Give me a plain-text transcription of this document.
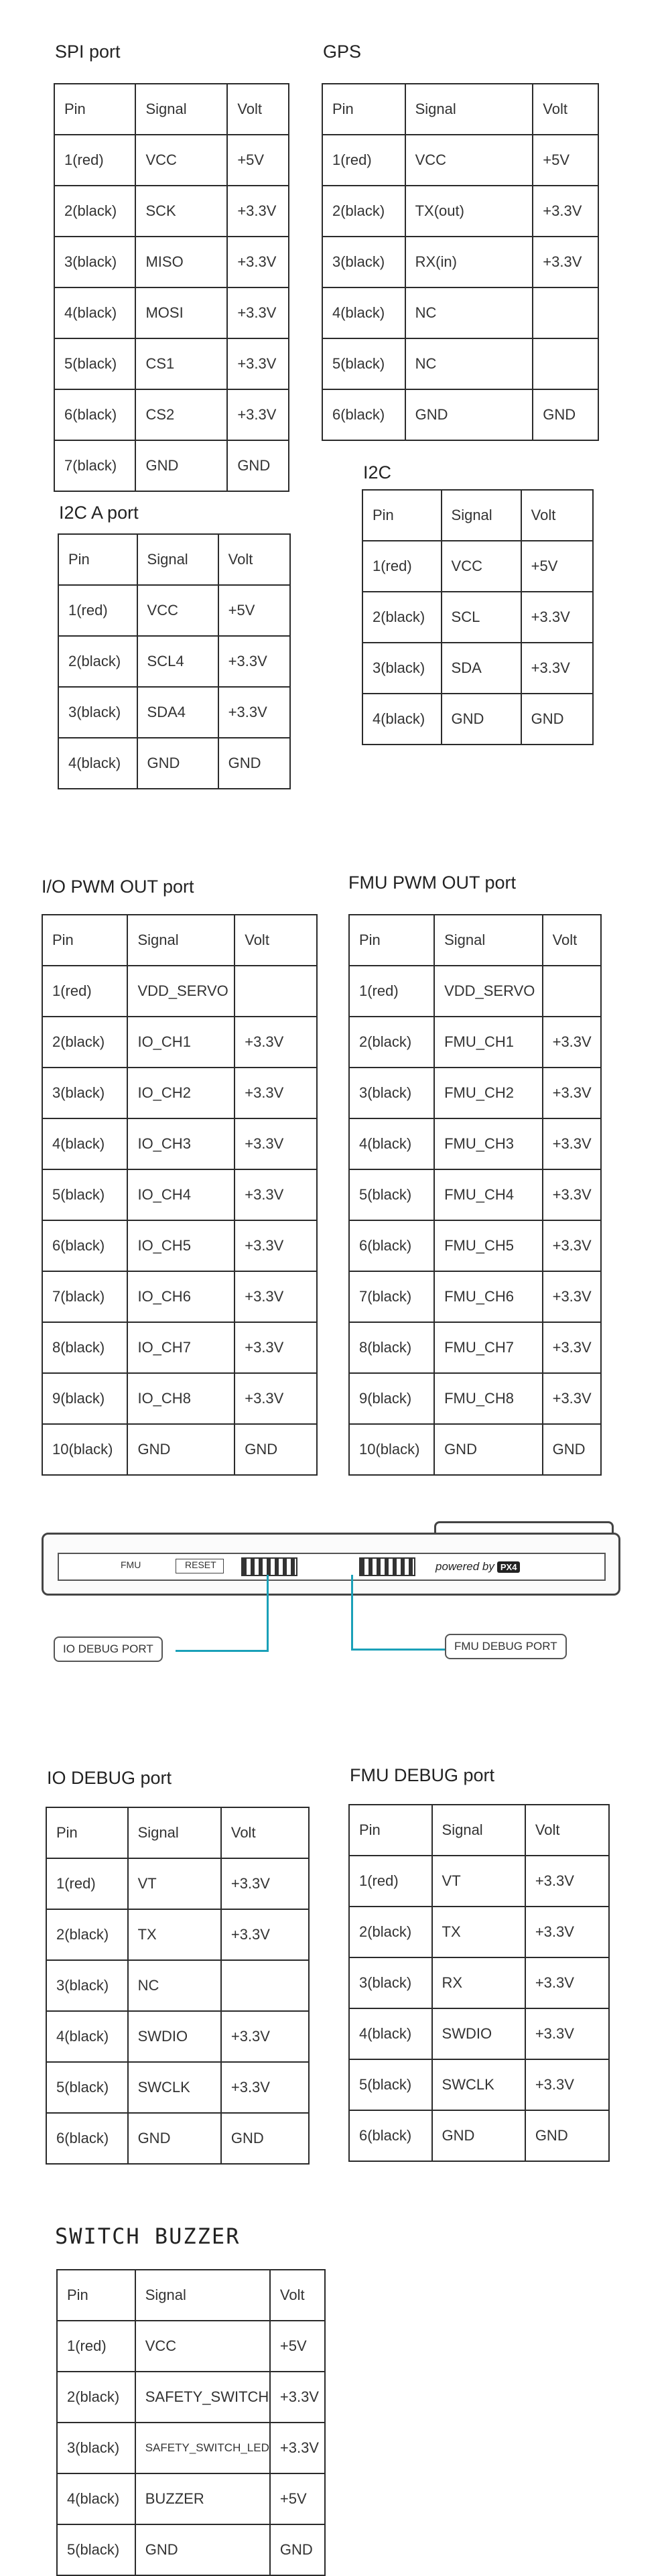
SPI port
Pin	Signal	Volt
1(red)	VCC	+5V
2(black)	SCK	+3.3V
3(black)	MISO	+3.3V
4(black)	MOSI	+3.3V
5(black)	CS1	+3.3V
6(black)	CS2	+3.3V
7(black)	GND	GND
GPS
Pin	Signal	Volt
1(red)	VCC	+5V
2(black)	TX(out)	+3.3V
3(black)	RX(in)	+3.3V
4(black)	NC	
5(black)	NC	
6(black)	GND	GND
I2C
Pin	Signal	Volt
1(red)	VCC	+5V
2(black)	SCL	+3.3V
3(black)	SDA	+3.3V
4(black)	GND	GND
I2C A port
Pin	Signal	Volt
1(red)	VCC	+5V
2(black)	SCL4	+3.3V
3(black)	SDA4	+3.3V
4(black)	GND	GND
I/O PWM OUT port
Pin	Signal	Volt
1(red)	VDD_SERVO	
2(black)	IO_CH1	+3.3V
3(black)	IO_CH2	+3.3V
4(black)	IO_CH3	+3.3V
5(black)	IO_CH4	+3.3V
6(black)	IO_CH5	+3.3V
7(black)	IO_CH6	+3.3V
8(black)	IO_CH7	+3.3V
9(black)	IO_CH8	+3.3V
10(black)	GND	GND
FMU PWM OUT port
Pin	Signal	Volt
1(red)	VDD_SERVO	
2(black)	FMU_CH1	+3.3V
3(black)	FMU_CH2	+3.3V
4(black)	FMU_CH3	+3.3V
5(black)	FMU_CH4	+3.3V
6(black)	FMU_CH5	+3.3V
7(black)	FMU_CH6	+3.3V
8(black)	FMU_CH7	+3.3V
9(black)	FMU_CH8	+3.3V
10(black)	GND	GND
FMU	RESET	powered by PX4
IO DEBUG PORT	FMU DEBUG PORT
IO DEBUG port
Pin	Signal	Volt
1(red)	VT	+3.3V
2(black)	TX	+3.3V
3(black)	NC	
4(black)	SWDIO	+3.3V
5(black)	SWCLK	+3.3V
6(black)	GND	GND
FMU DEBUG port
Pin	Signal	Volt
1(red)	VT	+3.3V
2(black)	TX	+3.3V
3(black)	RX	+3.3V
4(black)	SWDIO	+3.3V
5(black)	SWCLK	+3.3V
6(black)	GND	GND
SWITCH BUZZER
Pin	Signal	Volt
1(red)	VCC	+5V
2(black)	SAFETY_SWITCH	+3.3V
3(black)	SAFETY_SWITCH_LED	+3.3V
4(black)	BUZZER	+5V
5(black)	GND	GND
